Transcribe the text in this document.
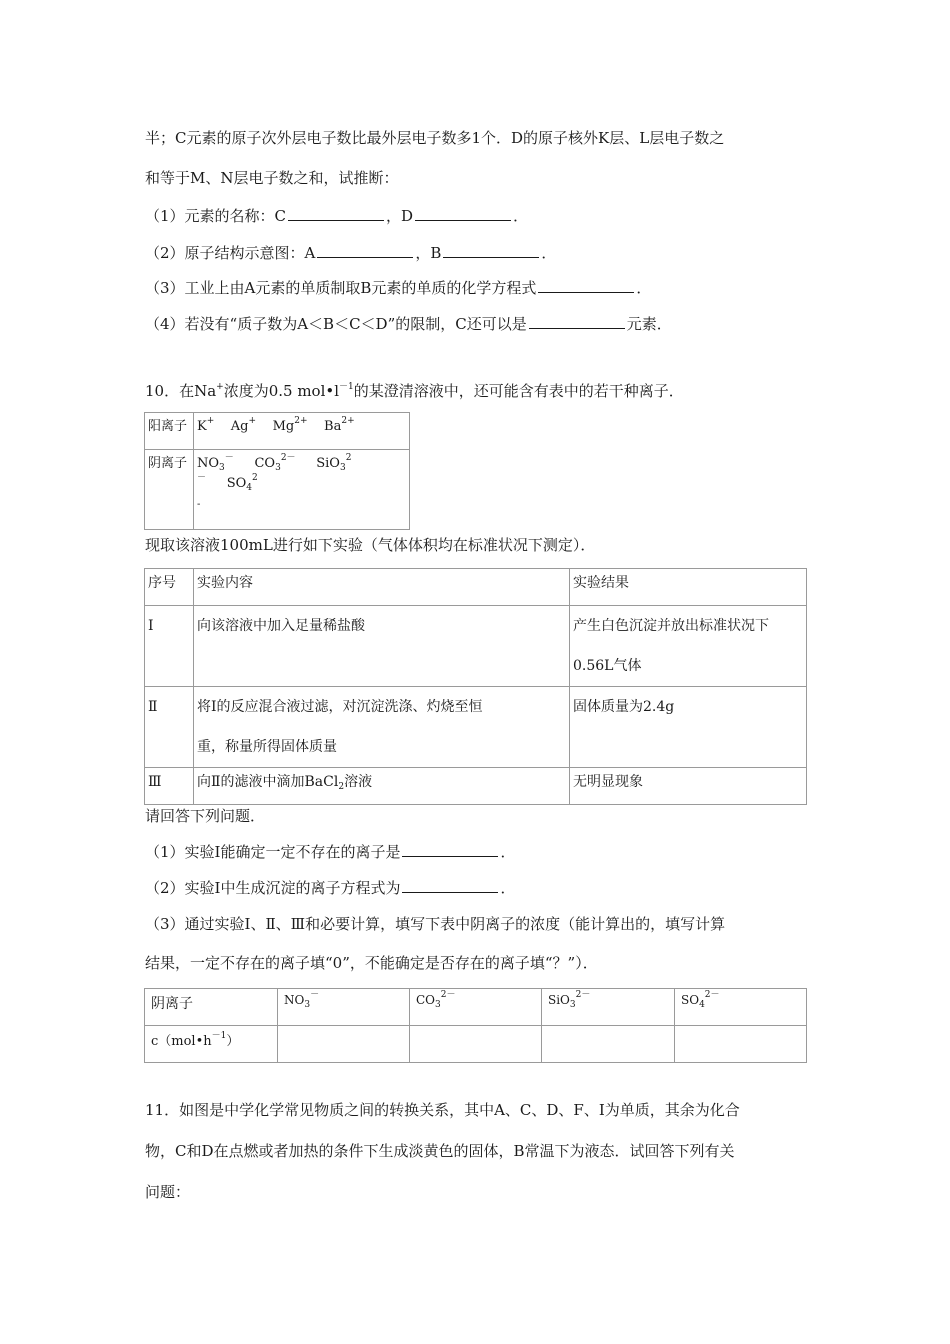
半；C元素的原子次外层电子数比最外层电子数多1个．D的原子核外K层、L层电子数之
和等于M、N层电子数之和，试推断：
（1）元素的名称：C	，D	．
（2）原子结构示意图：A	，B	．
（3）工业上由A元素的单质制取B元素的单质的化学方程式	．
（4）若没有“质子数为A＜B＜C＜D”的限制，C还可以是	元素．
10．在Na+浓度为0.5 $mol•l^{-1}$的某澄清溶液中，还可能含有表中的若干种离子．
阳离子	K+ Ag+ $Mg^{2+}$ $Ba^{2+}$

阴离子	$NO_3^-$ $CO_3^{2-}$ SiO$_3^{2-}$ $SO_4^2$
-
现取该溶液100mL进行如下实验（气体体积均在标准状况下测定）．
序号	实验内容	实验结果

Ⅰ	向该溶液中加入足量稀盐酸	产生白色沉淀并放出标准状况下
0.56L气体

Ⅱ	将Ⅰ的反应混合液过滤，对沉淀洗涤、灼烧至恒
重，称量所得固体质量	固体质量为2.4g

Ⅲ	向Ⅱ的滤液中滴加BaCl$_2$溶液	无明显现象
请回答下列问题．
（1）实验Ⅰ能确定一定不存在的离子是	．
（2）实验Ⅰ中生成沉淀的离子方程式为	．
（3）通过实验Ⅰ、Ⅱ、Ⅲ和必要计算，填写下表中阴离子的浓度（能计算出的，填写计算
结果，一定不存在的离子填“0”，不能确定是否存在的离子填“？”）．
阴离子	$NO_3^-$	$CO_3^{2-}$	SiO$_3^{2-}$	$SO_4^{2-}$
$c(mol•h^{-1})$				
11．如图是中学化学常见物质之间的转换关系，其中A、C、D、F、I为单质，其余为化合
物，C和D在点燃或者加热的条件下生成淡黄色的固体，B常温下为液态．试回答下列有关
问题：
